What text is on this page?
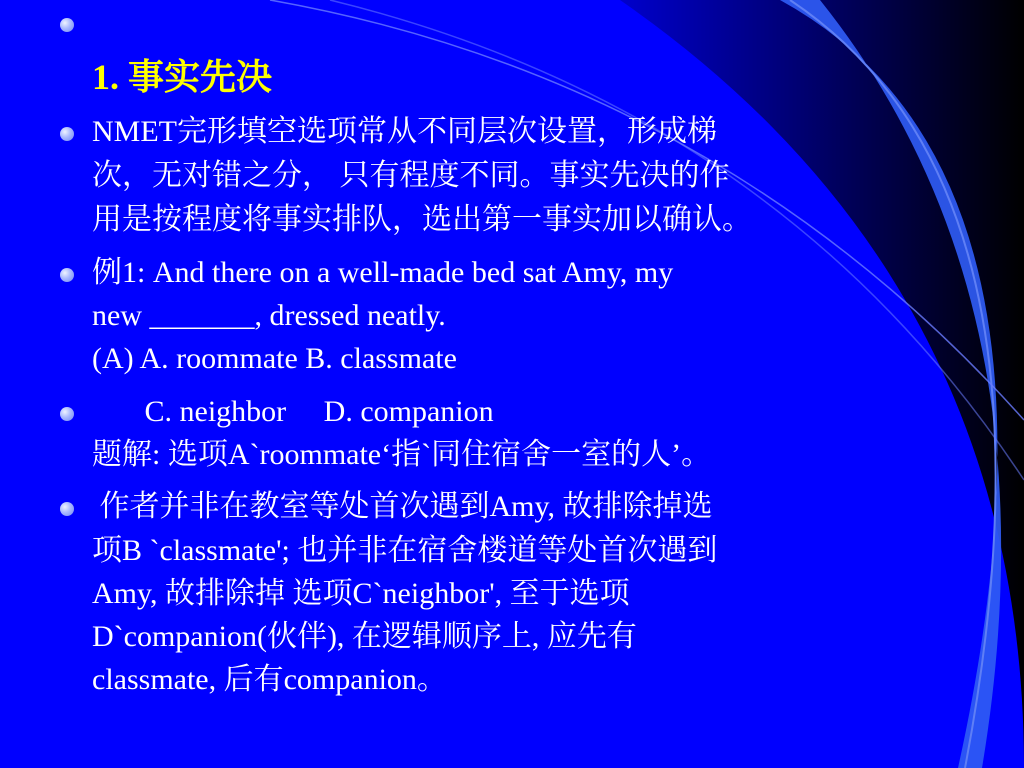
1. 事实先决
NMET完形填空选项常从不同层次设置，形成梯
次，无对错之分， 只有程度不同。事实先决的作
用是按程度将事实排队，选出第一事实加以确认。
例1: And there on a well-made bed sat Amy, my
new _______, dressed neatly.
(A) A. roommate B. classmate
C. neighbor     D. companion
题解: 选项A`roommate‘指`同住宿舍一室的人’。
作者并非在教室等处首次遇到Amy, 故排除掉选
项B `classmate'; 也并非在宿舍楼道等处首次遇到
Amy, 故排除掉 选项C`neighbor', 至于选项
D`companion(伙伴), 在逻辑顺序上, 应先有
classmate, 后有companion。
